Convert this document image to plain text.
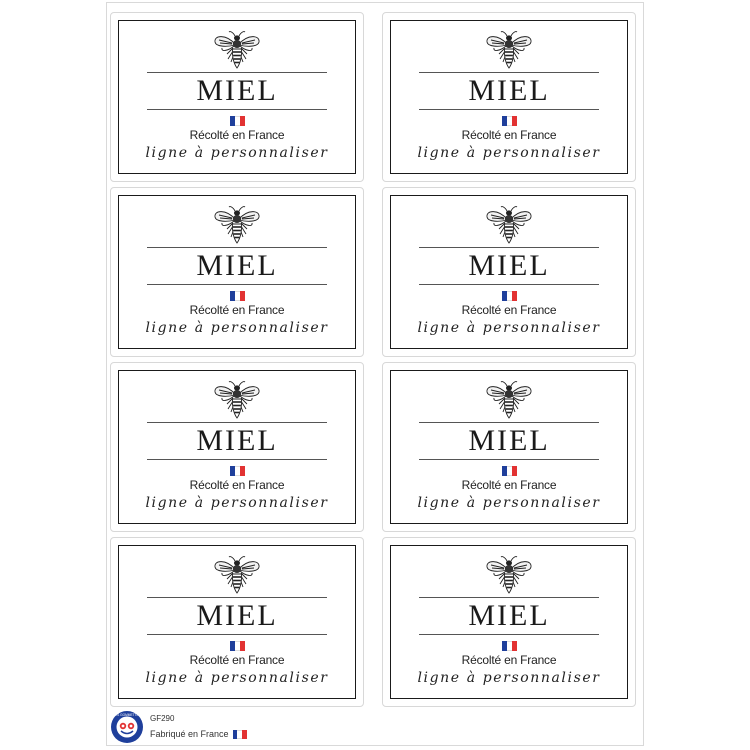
MIEL
Récolté en France
ligne à personnaliser
MIEL
Récolté en France
ligne à personnaliser
MIEL
Récolté en France
ligne à personnaliser
MIEL
Récolté en France
ligne à personnaliser
MIEL
Récolté en France
ligne à personnaliser
MIEL
Récolté en France
ligne à personnaliser
MIEL
Récolté en France
ligne à personnaliser
MIEL
Récolté en France
ligne à personnaliser
LES GOMMETTES GF290
Fabriqué en France
